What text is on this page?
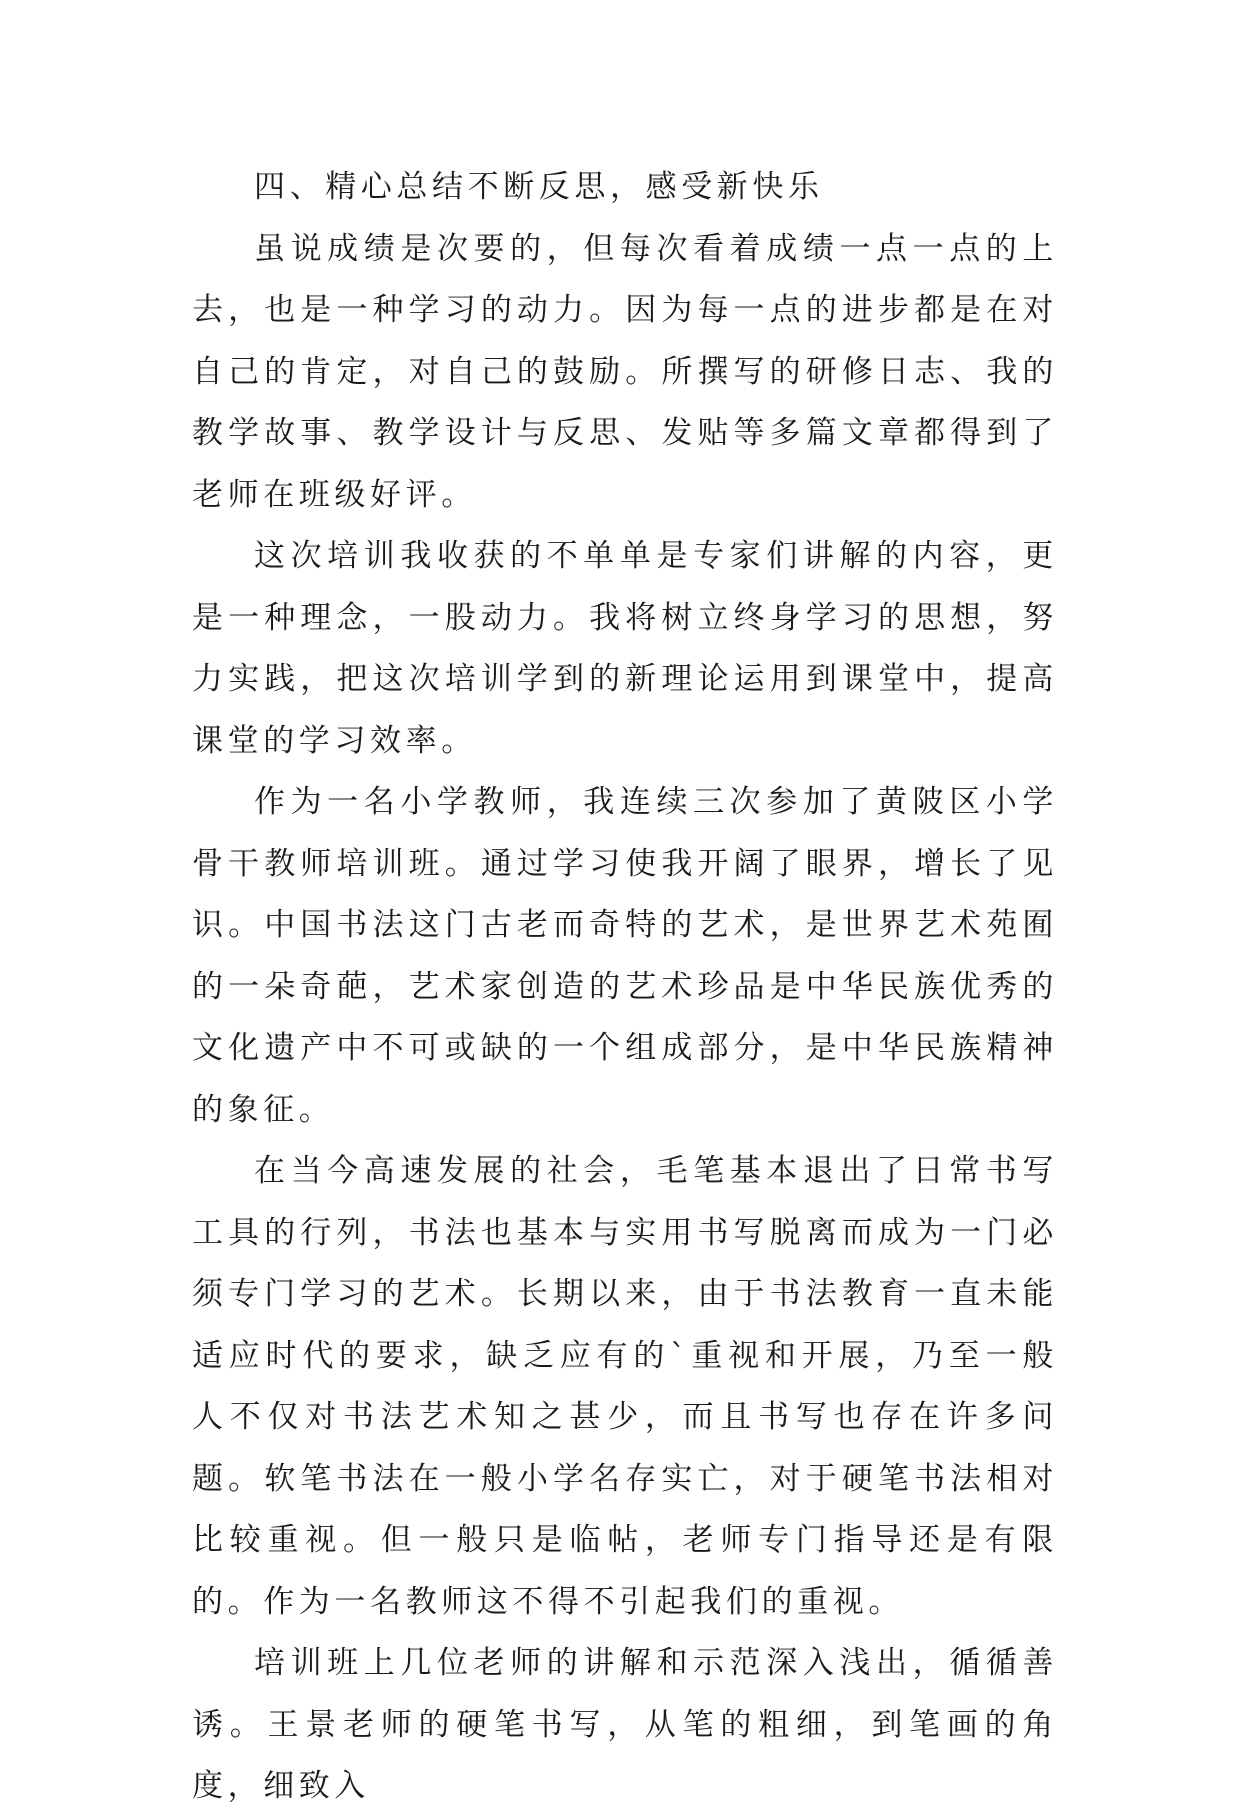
四、精心总结不断反思，感受新快乐

虽说成绩是次要的，但每次看着成绩一点一点的上去，也是一种学习的动力。因为每一点的进步都是在对自己的肯定，对自己的鼓励。所撰写的研修日志、我的教学故事、教学设计与反思、发贴等多篇文章都得到了老师在班级好评。

这次培训我收获的不单单是专家们讲解的内容，更是一种理念，一股动力。我将树立终身学习的思想，努力实践，把这次培训学到的新理论运用到课堂中，提高课堂的学习效率。

作为一名小学教师，我连续三次参加了黄陂区小学骨干教师培训班。通过学习使我开阔了眼界，增长了见识。中国书法这门古老而奇特的艺术，是世界艺术苑囿的一朵奇葩，艺术家创造的艺术珍品是中华民族优秀的文化遗产中不可或缺的一个组成部分，是中华民族精神的象征。

在当今高速发展的社会，毛笔基本退出了日常书写工具的行列，书法也基本与实用书写脱离而成为一门必须专门学习的艺术。长期以来，由于书法教育一直未能适应时代的要求，缺乏应有的`重视和开展，乃至一般人不仅对书法艺术知之甚少，而且书写也存在许多问题。软笔书法在一般小学名存实亡，对于硬笔书法相对比较重视。但一般只是临帖，老师专门指导还是有限的。作为一名教师这不得不引起我们的重视。

培训班上几位老师的讲解和示范深入浅出，循循善诱。王景老师的硬笔书写，从笔的粗细，到笔画的角度，细致入
